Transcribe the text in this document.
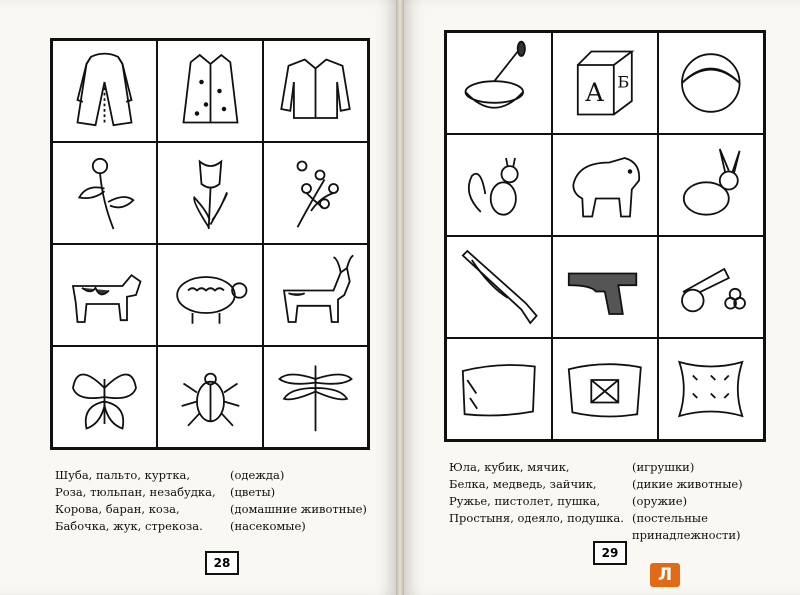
Шуба, пальто, куртка,
Роза, тюльпан, незабудка,
Корова, баран, коза,
Бабочка, жук, стрекоза.
(одежда)
(цветы)
(домашние животные)
(насекомые)
28
А Б
Юла, кубик, мячик,
Белка, медведь, зайчик,
Ружье, пистолет, пушка,
Простыня, одеяло, подушка.
(игрушки)
(дикие животные)
(оружие)
(постельные
принадлежности)
29
Л
